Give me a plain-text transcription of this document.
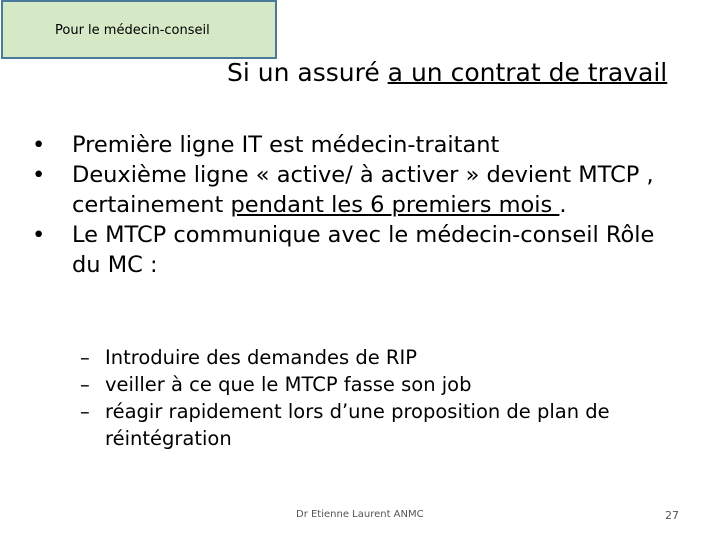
Pour le médecin-conseil
Si un assuré a un contrat de travail
• Première ligne IT est médecin-traitant
• Deuxième ligne « active/ à activer » devient MTCP , certainement pendant les 6 premiers mois .
• Le MTCP communique avec le médecin-conseil Rôle du MC :
– Introduire des demandes de RIP
– veiller à ce que le MTCP fasse son job
– réagir rapidement lors d’une proposition de plan de réintégration
Dr Etienne Laurent ANMC	27
